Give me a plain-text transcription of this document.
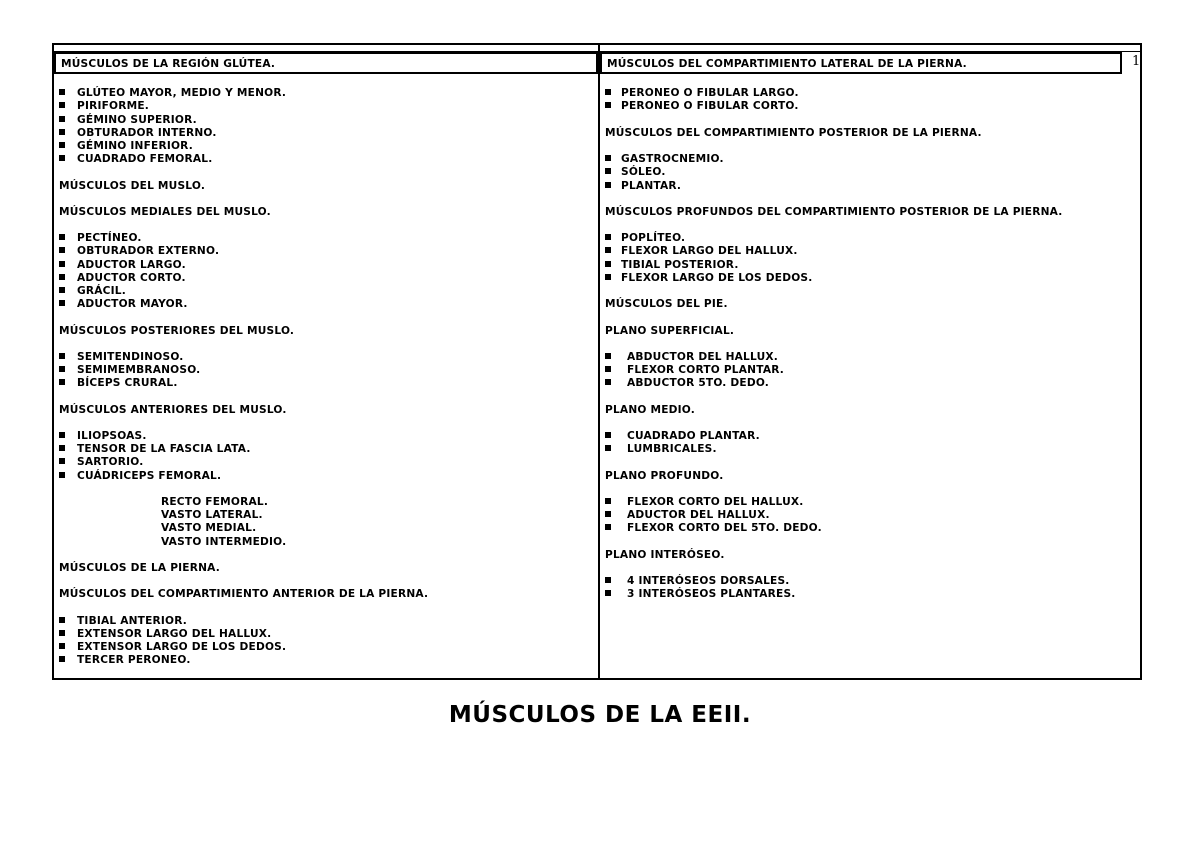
MÚSCULOS DE LA REGIÓN GLÚTEA.
GLÚTEO MAYOR, MEDIO Y MENOR.
PIRIFORME.
GÉMINO SUPERIOR.
OBTURADOR INTERNO.
GÉMINO INFERIOR.
CUADRADO FEMORAL.
MÚSCULOS DEL MUSLO.
MÚSCULOS MEDIALES DEL MUSLO.
PECTÍNEO.
OBTURADOR EXTERNO.
ADUCTOR LARGO.
ADUCTOR CORTO.
GRÁCIL.
ADUCTOR MAYOR.
MÚSCULOS POSTERIORES DEL MUSLO.
SEMITENDINOSO.
SEMIMEMBRANOSO.
BÍCEPS CRURAL.
MÚSCULOS ANTERIORES DEL MUSLO.
ILIOPSOAS.
TENSOR DE LA FASCIA LATA.
SARTORIO.
CUÁDRICEPS FEMORAL.
RECTO FEMORAL.
VASTO LATERAL.
VASTO MEDIAL.
VASTO INTERMEDIO.
MÚSCULOS DE LA PIERNA.
MÚSCULOS DEL COMPARTIMIENTO ANTERIOR DE LA PIERNA.
TIBIAL ANTERIOR.
EXTENSOR LARGO DEL HALLUX.
EXTENSOR LARGO DE LOS DEDOS.
TERCER PERONEO.
MÚSCULOS DEL COMPARTIMIENTO LATERAL DE LA PIERNA.
PERONEO O FIBULAR LARGO.
PERONEO O FIBULAR CORTO.
MÚSCULOS DEL COMPARTIMIENTO POSTERIOR DE LA PIERNA.
GASTROCNEMIO.
SÓLEO.
PLANTAR.
MÚSCULOS PROFUNDOS DEL COMPARTIMIENTO POSTERIOR DE LA PIERNA.
POPLÍTEO.
FLEXOR LARGO DEL HALLUX.
TIBIAL POSTERIOR.
FLEXOR LARGO DE LOS DEDOS.
MÚSCULOS DEL PIE.
PLANO SUPERFICIAL.
ABDUCTOR DEL HALLUX.
FLEXOR CORTO PLANTAR.
ABDUCTOR 5TO. DEDO.
PLANO MEDIO.
CUADRADO PLANTAR.
LUMBRICALES.
PLANO PROFUNDO.
FLEXOR CORTO DEL HALLUX.
ADUCTOR DEL HALLUX.
FLEXOR CORTO DEL 5TO. DEDO.
PLANO INTERÓSEO.
4 INTERÓSEOS DORSALES.
3 INTERÓSEOS PLANTARES.
1
MÚSCULOS DE LA EEII.
